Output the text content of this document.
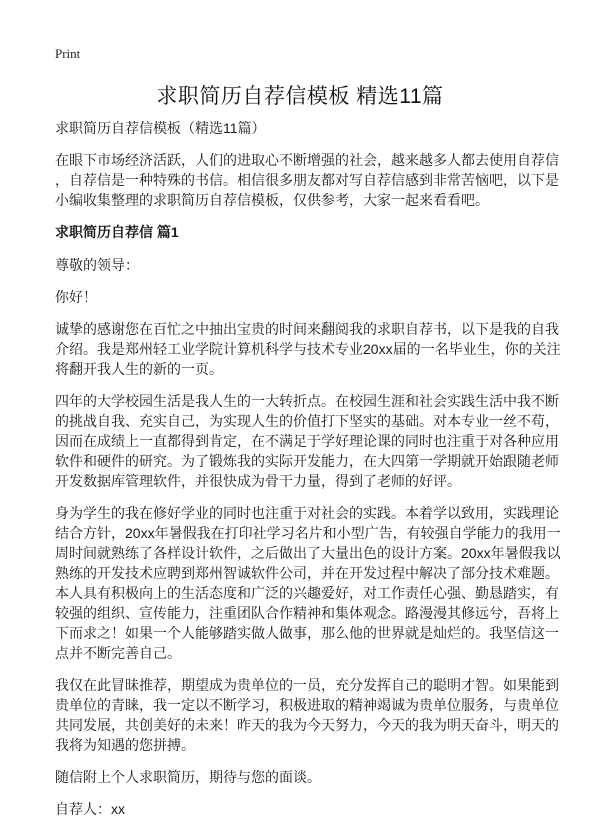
Print
求职简历自荐信模板 精选11篇
求职简历自荐信模板（精选11篇）
在眼下市场经济活跃，人们的进取心不断增强的社会，越来越多人都去使用自荐信
，自荐信是一种特殊的书信。相信很多朋友都对写自荐信感到非常苦恼吧，以下是
小编收集整理的求职简历自荐信模板，仅供参考，大家一起来看看吧。
求职简历自荐信 篇1
尊敬的领导：
你好！
诚挚的感谢您在百忙之中抽出宝贵的时间来翻阅我的求职自荐书，以下是我的自我
介绍。我是郑州轻工业学院计算机科学与技术专业20xx届的一名毕业生，你的关注
将翻开我人生的新的一页。
四年的大学校园生活是我人生的一大转折点。在校园生涯和社会实践生活中我不断
的挑战自我、充实自己，为实现人生的价值打下坚实的基础。对本专业一丝不苟，
因而在成绩上一直都得到肯定，在不满足于学好理论课的同时也注重于对各种应用
软件和硬件的研究。为了锻炼我的实际开发能力，在大四第一学期就开始跟随老师
开发数据库管理软件，并很快成为骨干力量，得到了老师的好评。
身为学生的我在修好学业的同时也注重于对社会的实践。本着学以致用，实践理论
结合方针，20xx年暑假我在打印社学习名片和小型广告，有较强自学能力的我用一
周时间就熟练了各样设计软件，之后做出了大量出色的设计方案。20xx年暑假我以
熟练的开发技术应聘到郑州智诚软件公司，并在开发过程中解决了部分技术难题。
本人具有积极向上的生活态度和广泛的兴趣爱好，对工作责任心强、勤恳踏实，有
较强的组织、宣传能力，注重团队合作精神和集体观念。路漫漫其修远兮，吾将上
下而求之！如果一个人能够踏实做人做事，那么他的世界就是灿烂的。我坚信这一
点并不断完善自己。
我仅在此冒昧推荐，期望成为贵单位的一员，充分发挥自己的聪明才智。如果能到
贵单位的青睐，我一定以不断学习，积极进取的精神竭诚为贵单位服务，与贵单位
共同发展，共创美好的未来！昨天的我为今天努力，今天的我为明天奋斗，明天的
我将为知遇的您拼搏。
随信附上个人求职简历，期待与您的面谈。
自荐人：xx
